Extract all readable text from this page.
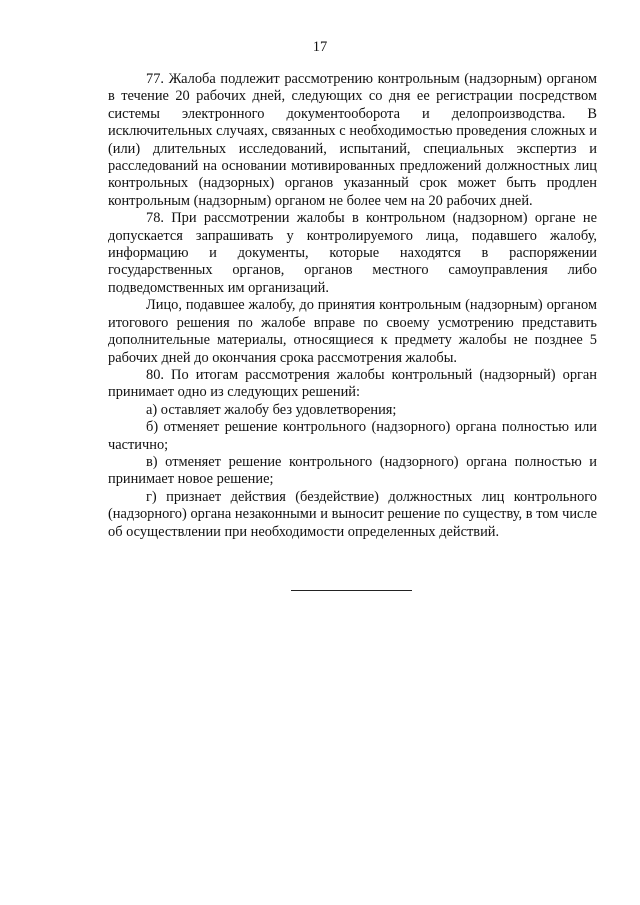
17

77. Жалоба подлежит рассмотрению контрольным (надзорным) органом в течение 20 рабочих дней, следующих со дня ее регистрации посредством системы электронного документооборота и делопроизводства. В исключительных случаях, связанных с необходимостью проведения сложных и (или) длительных исследований, испытаний, специальных экспертиз и расследований на основании мотивированных предложений должностных лиц контрольных (надзорных) органов указанный срок может быть продлен контрольным (надзорным) органом не более чем на 20 рабочих дней.

78. При рассмотрении жалобы в контрольном (надзорном) органе не допускается запрашивать у контролируемого лица, подавшего жалобу, информацию и документы, которые находятся в распоряжении государственных органов, органов местного самоуправления либо подведомственных им организаций.

Лицо, подавшее жалобу, до принятия контрольным (надзорным) органом итогового решения по жалобе вправе по своему усмотрению представить дополнительные материалы, относящиеся к предмету жалобы не позднее 5 рабочих дней до окончания срока рассмотрения жалобы.

80. По итогам рассмотрения жалобы контрольный (надзорный) орган принимает одно из следующих решений:

а) оставляет жалобу без удовлетворения;

б) отменяет решение контрольного (надзорного) органа полностью или частично;

в) отменяет решение контрольного (надзорного) органа полностью и принимает новое решение;

г) признает действия (бездействие) должностных лиц контрольного (надзорного) органа незаконными и выносит решение по существу, в том числе об осуществлении при необходимости определенных действий.
